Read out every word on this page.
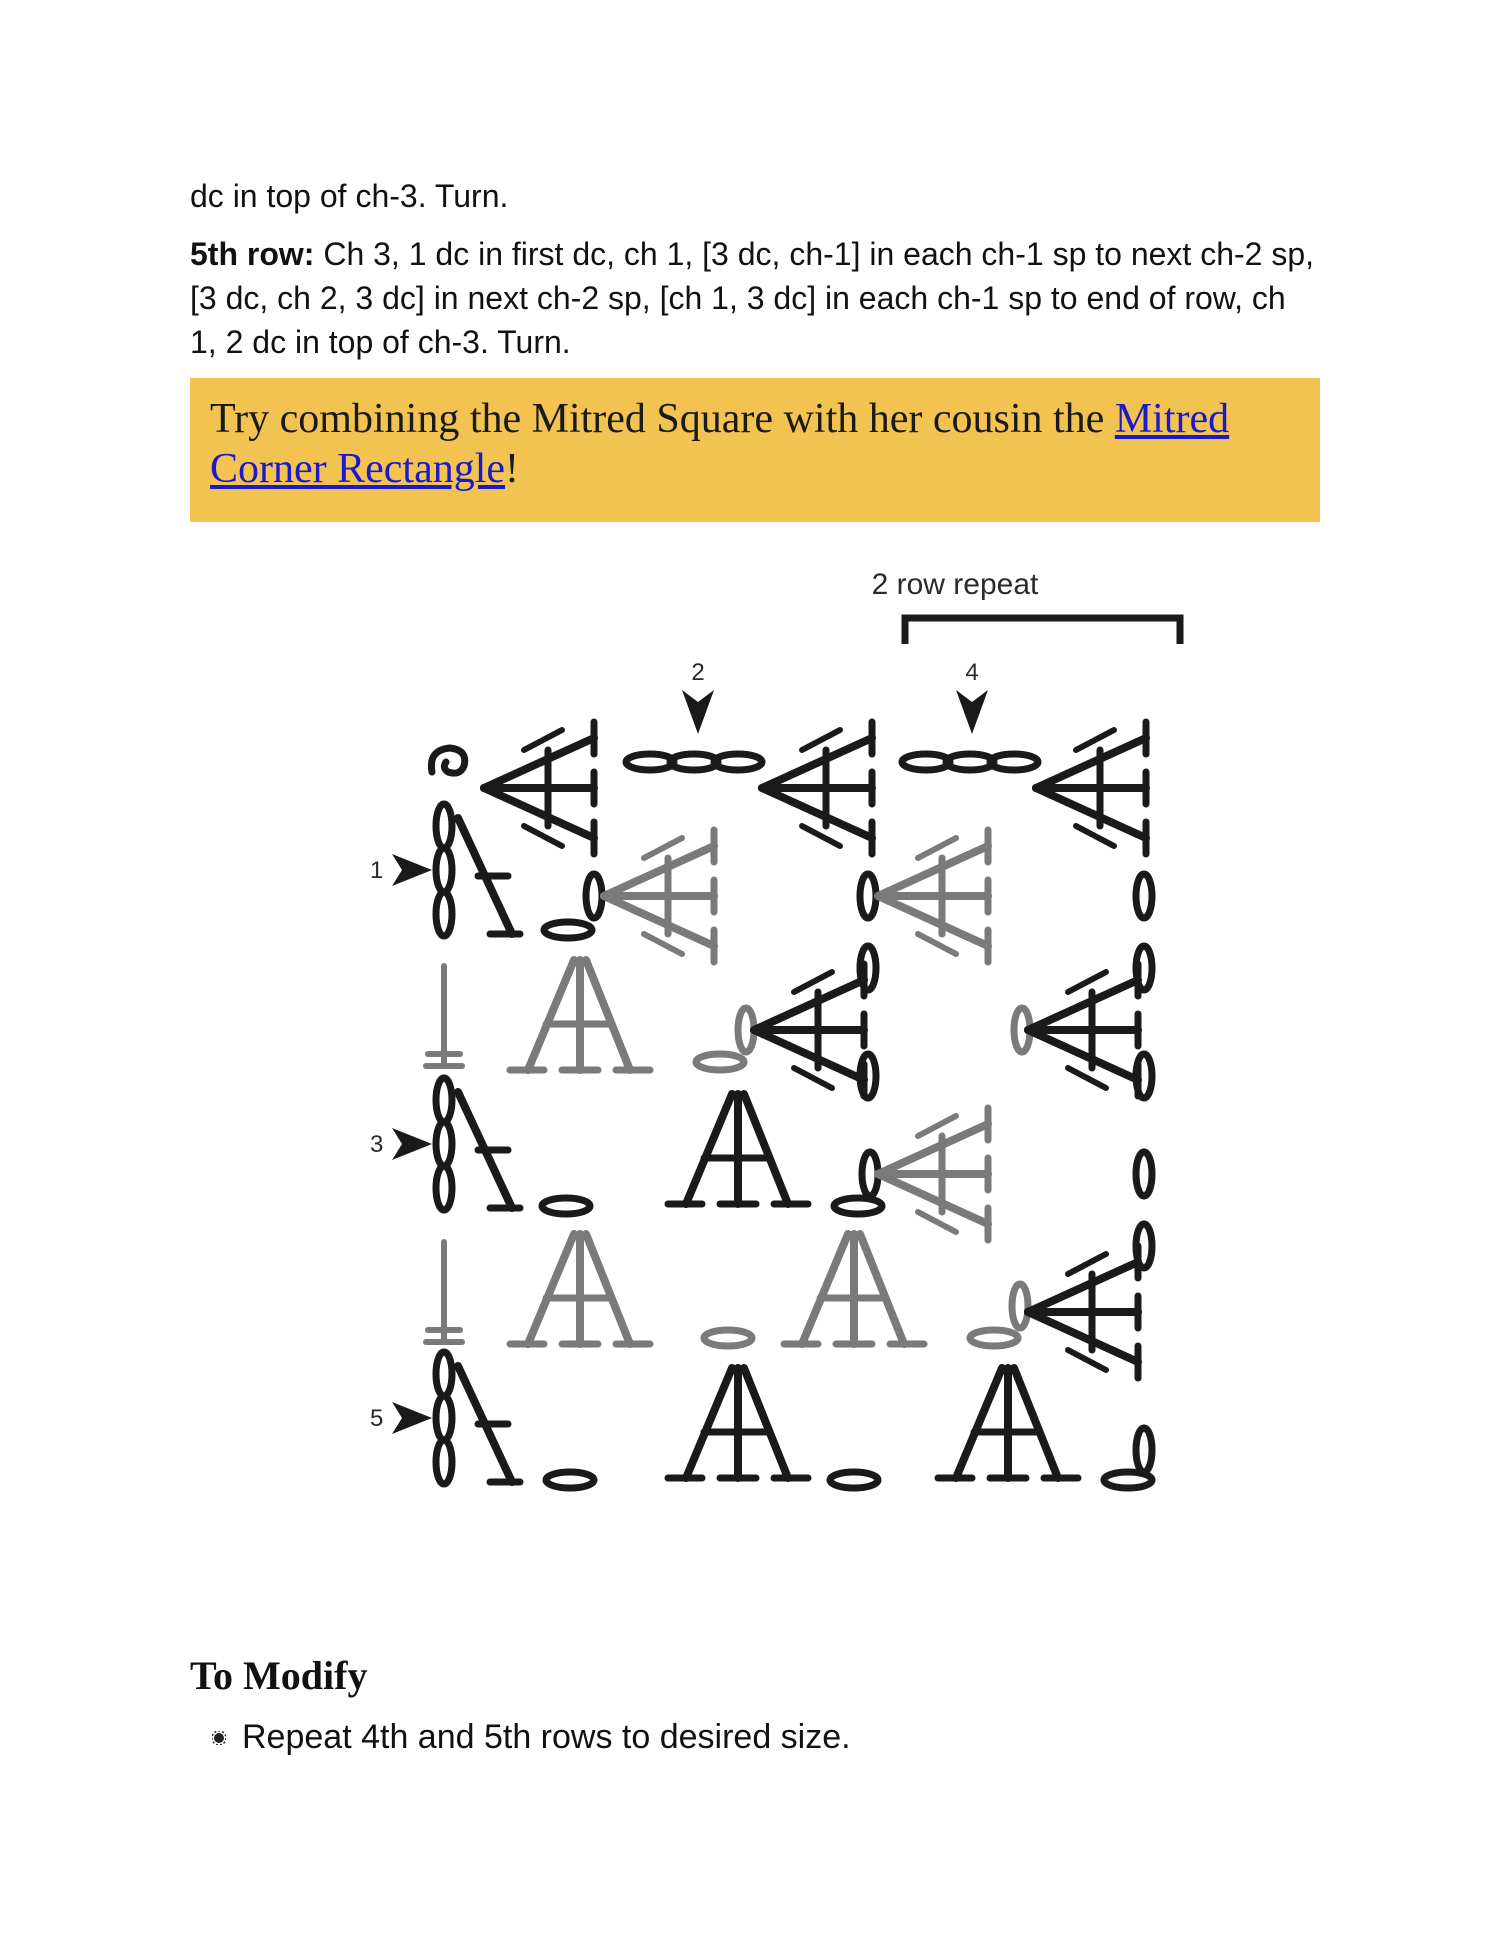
dc in top of ch-3. Turn.
5th row: Ch 3, 1 dc in first dc, ch 1, [3 dc, ch-1] in each ch-1 sp to next ch-2 sp, [3 dc, ch 2, 3 dc] in next ch-2 sp, [ch 1, 3 dc] in each ch-1 sp to end of row, ch 1, 2 dc in top of ch-3. Turn.

Try combining the Mitred Square with her cousin the Mitred Corner Rectangle!

2 row repeat
2	4
1
3
5
To Modify
Repeat 4th and 5th rows to desired size.
